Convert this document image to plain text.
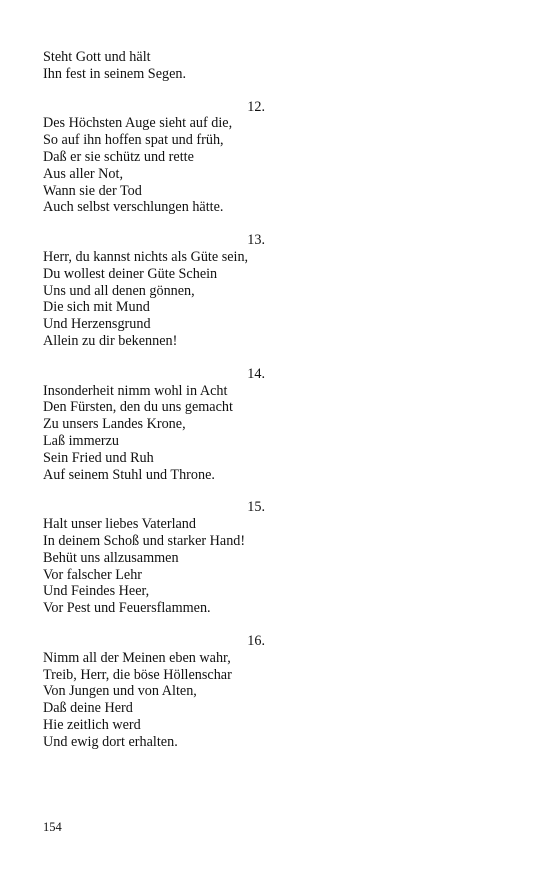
Steht Gott und hält
Ihn fest in seinem Segen.
12.
Des Höchsten Auge sieht auf die,
So auf ihn hoffen spat und früh,
Daß er sie schütz und rette
Aus aller Not,
Wann sie der Tod
Auch selbst verschlungen hätte.
13.
Herr, du kannst nichts als Güte sein,
Du wollest deiner Güte Schein
Uns und all denen gönnen,
Die sich mit Mund
Und Herzensgrund
Allein zu dir bekennen!
14.
Insonderheit nimm wohl in Acht
Den Fürsten, den du uns gemacht
Zu unsers Landes Krone,
Laß immerzu
Sein Fried und Ruh
Auf seinem Stuhl und Throne.
15.
Halt unser liebes Vaterland
In deinem Schoß und starker Hand!
Behüt uns allzusammen
Vor falscher Lehr
Und Feindes Heer,
Vor Pest und Feuersflammen.
16.
Nimm all der Meinen eben wahr,
Treib, Herr, die böse Höllenschar
Von Jungen und von Alten,
Daß deine Herd
Hie zeitlich werd
Und ewig dort erhalten.
154
